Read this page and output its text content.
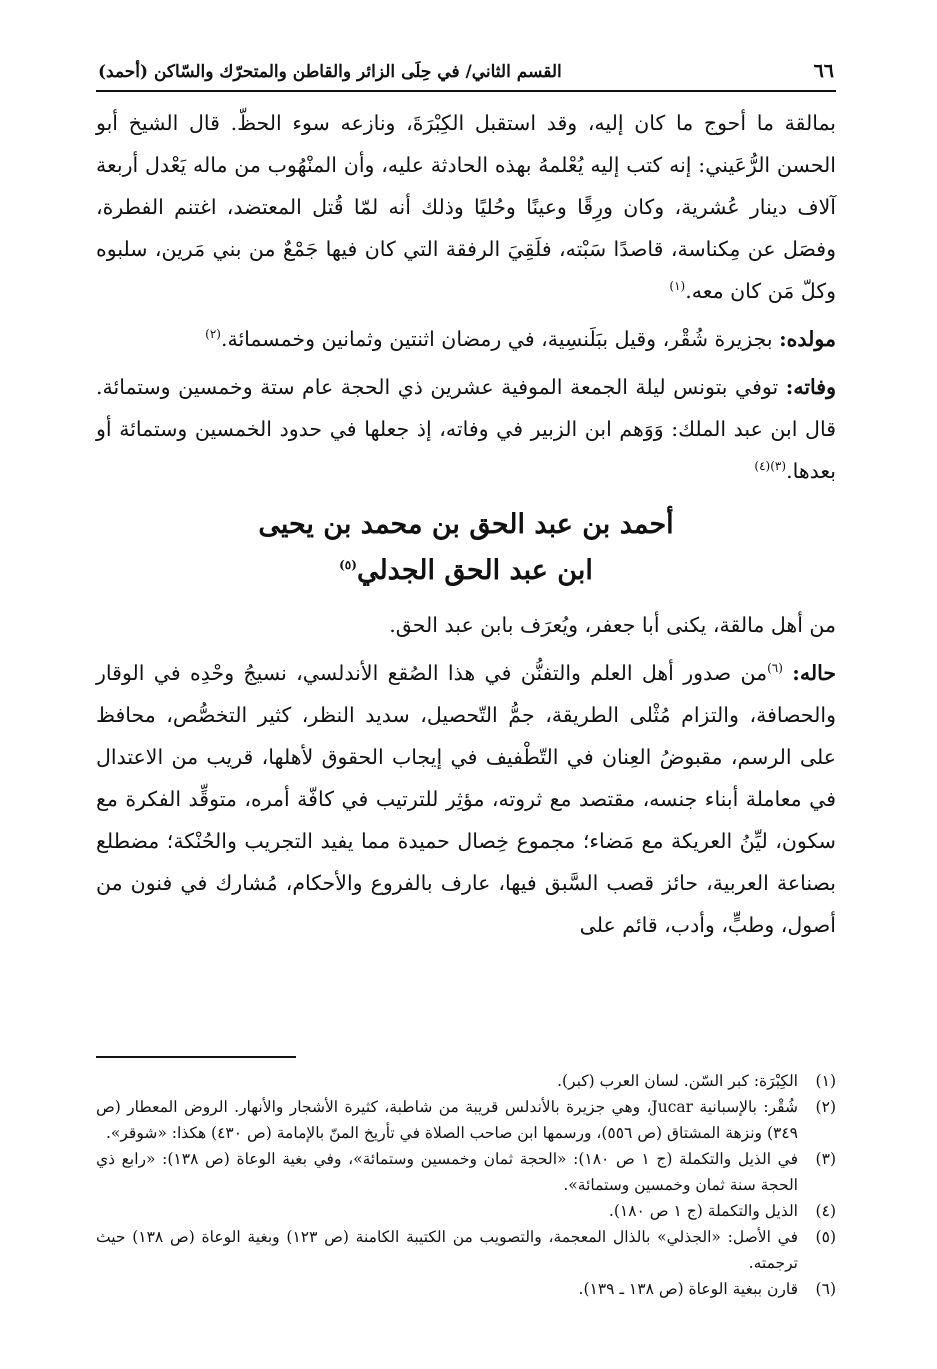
٦٦
القسم الثاني/ في حِلَى الزائر والقاطن والمتحرّك والسّاكن (أحمد)

بمالقة ما أحوج ما كان إليه، وقد استقبل الكِبْرَةَ، ونازعه سوء الحظّ. قال الشيخ أبو الحسن الرُّعَيني: إنه كتب إليه يُعْلمهُ بهذه الحادثة عليه، وأن المنْهُوب من ماله يَعْدل أربعة آلاف دينار عُشرية، وكان ورِقًا وعينًا وحُليًا وذلك أنه لمّا قُتل المعتضد، اغتنم الفطرة، وفصَل عن مِكناسة، قاصدًا سَبْته، فلَقِيَ الرفقة التي كان فيها جَمْعٌ من بني مَرين، سلبوه وكلّ مَن كان معه.$^{(١)}$

مولده: بجزيرة شُقْر، وقيل ببَلَنسِية، في رمضان اثنتين وثمانين وخمسمائة.$^{(٢)}$

وفاته: توفي بتونس ليلة الجمعة الموفية عشرين ذي الحجة عام ستة وخمسين وستمائة. قال ابن عبد الملك: وَوَهم ابن الزبير في وفاته، إذ جعلها في حدود الخمسين وستمائة أو بعدها.$^{(٣)(٤)}$

أحمد بن عبد الحق بن محمد بن يحيى
ابن عبد الحق الجدلي$^{(٥)}$

من أهل مالقة، يكنى أبا جعفر، ويُعرَف بابن عبد الحق.

حاله: $^{(٦)}$من صدور أهل العلم والتفنُّن في هذا الصُقع الأندلسي، نسيجُ وحْدِه في الوقار والحصافة، والتزام مُثْلى الطريقة، جمُّ التّحصيل، سديد النظر، كثير التخصُّص، محافظ على الرسم، مقبوضُ العِنان في التّطْفيف في إيجاب الحقوق لأهلها، قريب من الاعتدال في معاملة أبناء جنسه، مقتصد مع ثروته، مؤثِر للترتيب في كافّة أمره، متوقِّد الفكرة مع سكون، ليِّنُ العريكة مع مَضاء؛ مجموع خِصال حميدة مما يفيد التجريب والحُنْكة؛ مضطلع بصناعة العربية، حائز قصب السَّبق فيها، عارف بالفروع والأحكام، مُشارك في فنون من أصول، وطبٍّ، وأدب، قائم على

(١)
الكِبْرَة: كبر السّن. لسان العرب (كبر).
(٢)
شُقْر: بالإسبانية Jucar، وهي جزيرة بالأندلس قريبة من شاطبة، كثيرة الأشجار والأنهار. الروض المعطار (ص ٣٤٩) ونزهة المشتاق (ص ٥٥٦)، ورسمها ابن صاحب الصلاة في تأريخ المنّ بالإمامة (ص ٤٣٠) هكذا: «شوقر».
(٣)
في الذيل والتكملة (ج ١ ص ١٨٠): «الحجة ثمان وخمسين وستمائة»، وفي بغية الوعاة (ص ١٣٨): «رابع ذي الحجة سنة ثمان وخمسين وستمائة».
(٤)
الذيل والتكملة (ج ١ ص ١٨٠).
(٥)
في الأصل: «الجذلي» بالذال المعجمة، والتصويب من الكتيبة الكامنة (ص ١٢٣) وبغية الوعاة (ص ١٣٨) حيث ترجمته.
(٦)
قارن ببغية الوعاة (ص ١٣٨ ـ ١٣٩).
